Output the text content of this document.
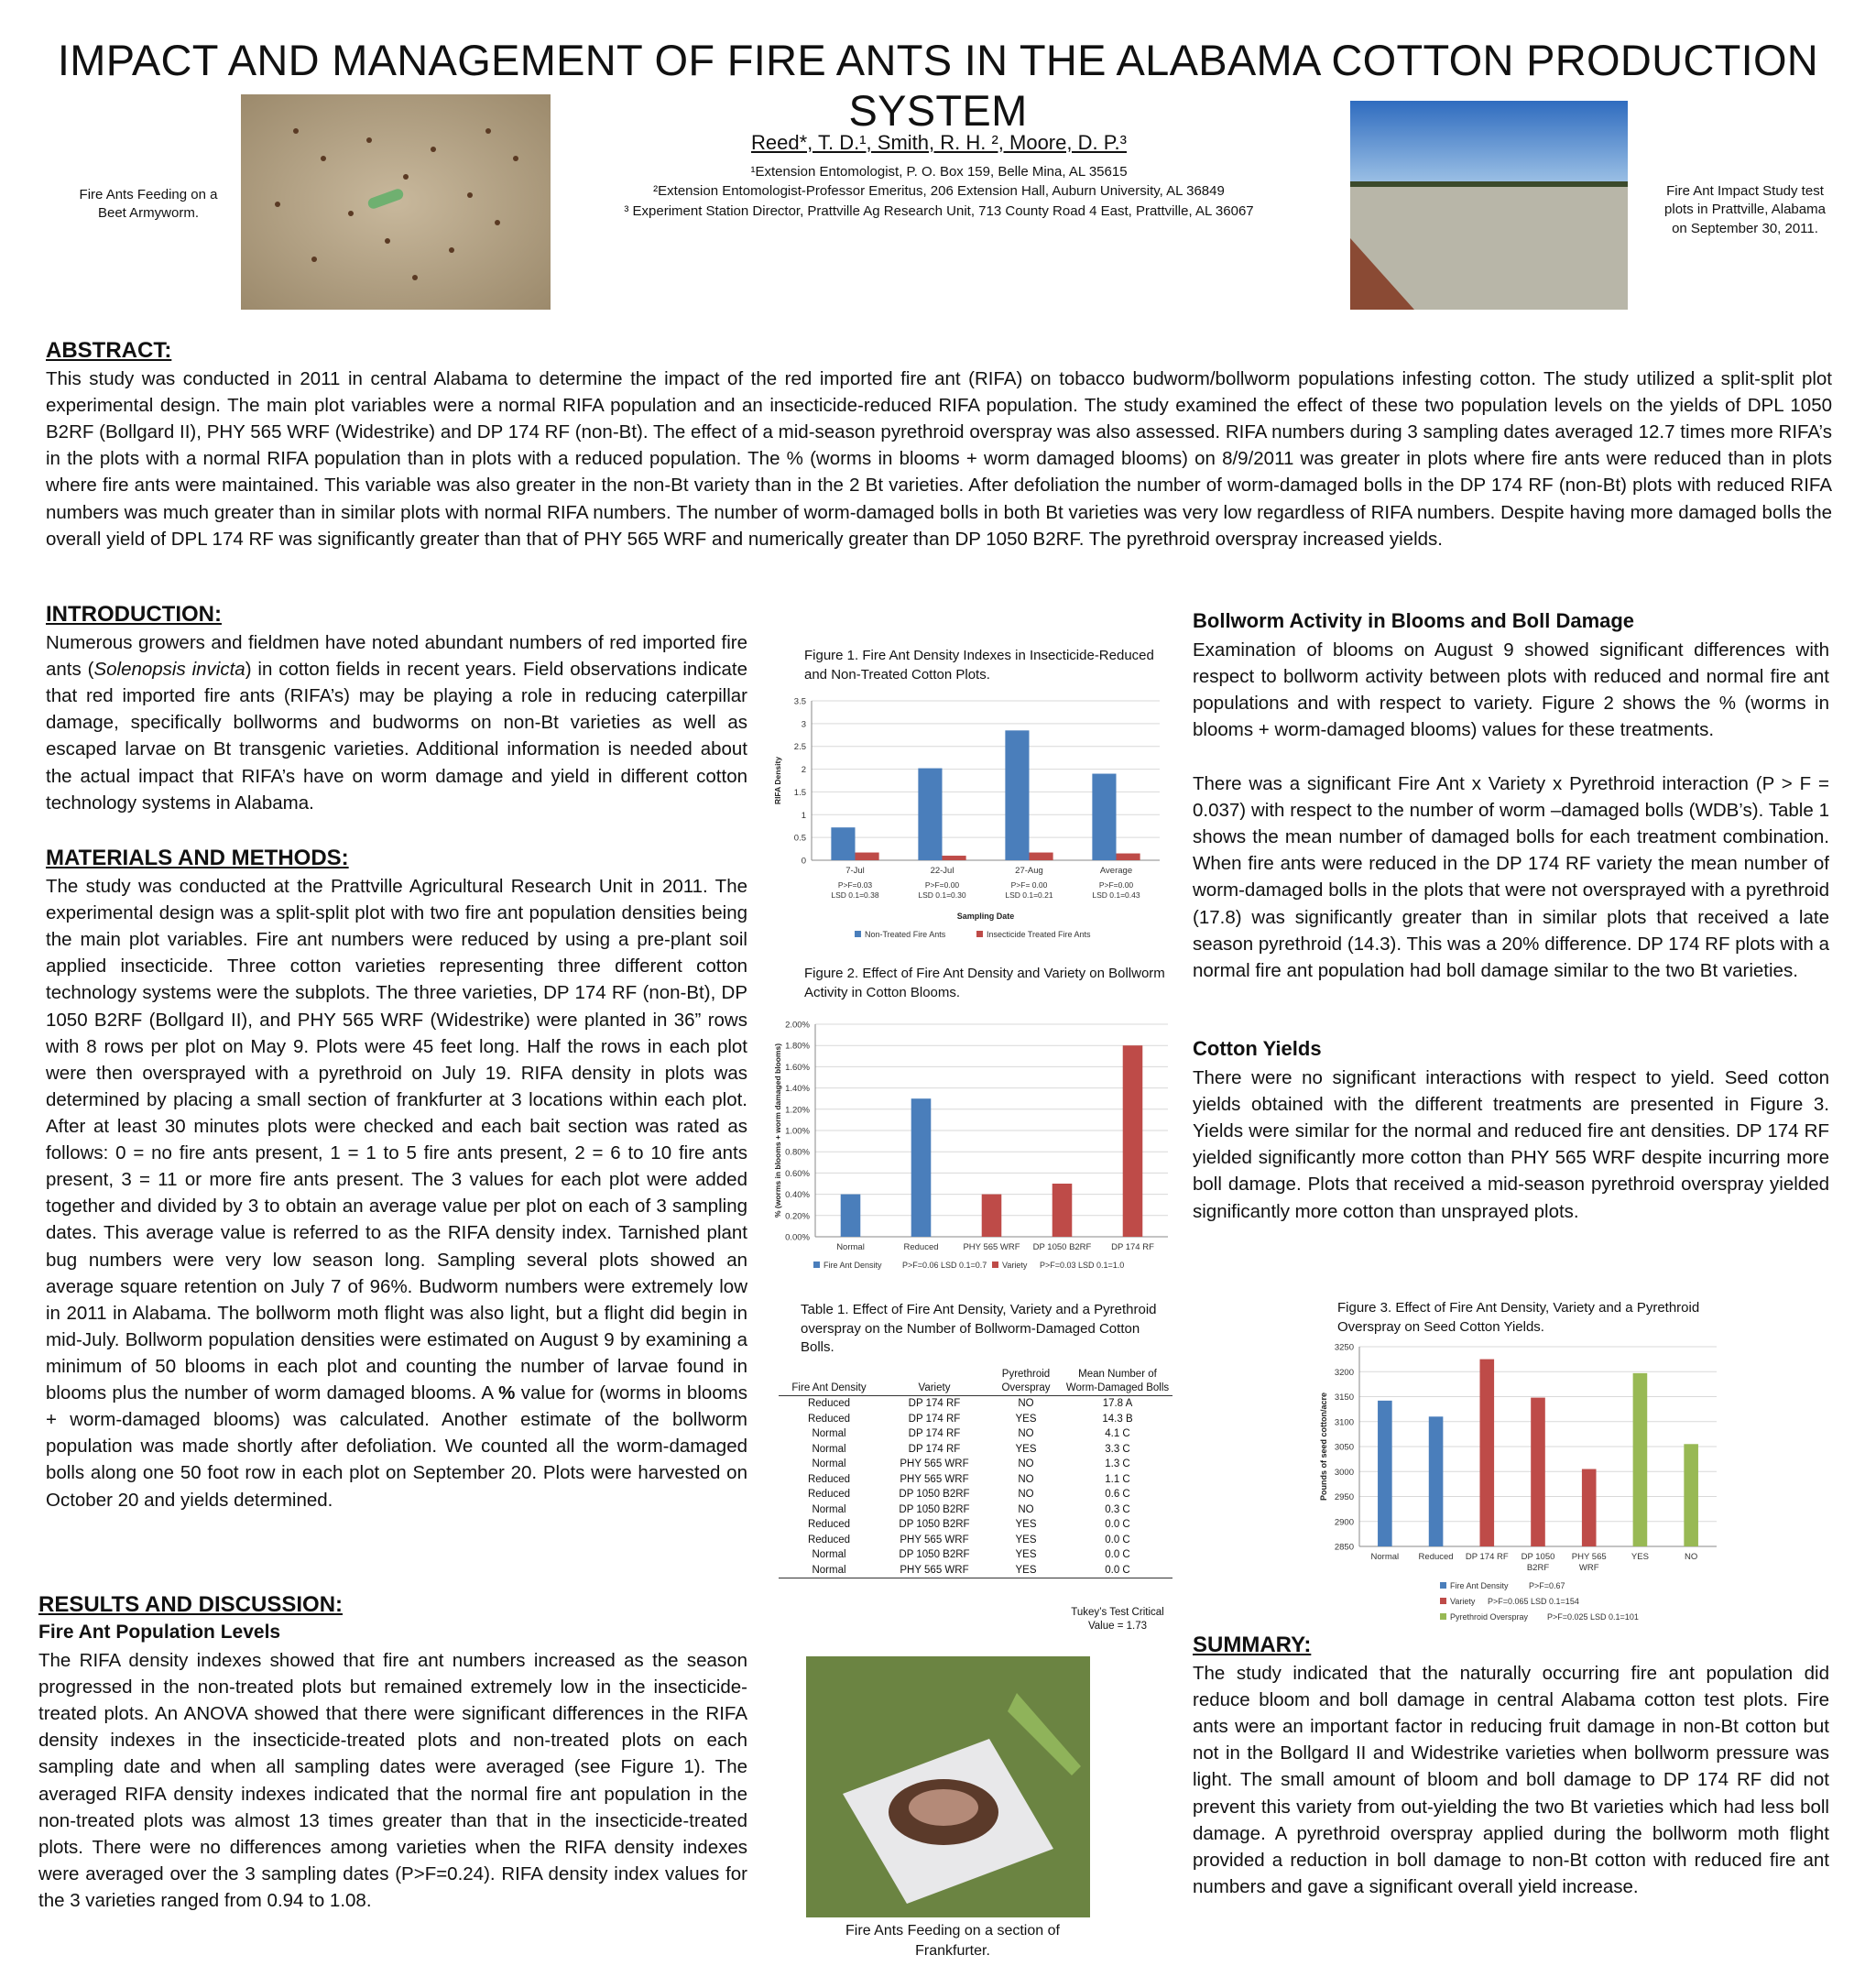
IMPACT AND MANAGEMENT OF FIRE ANTS IN THE ALABAMA COTTON PRODUCTION SYSTEM
Fire Ants Feeding on a Beet Armyworm.
Reed*, T. D.¹, Smith, R. H. ², Moore, D. P.³
¹Extension Entomologist, P. O. Box 159, Belle Mina, AL 35615
²Extension Entomologist-Professor Emeritus, 206 Extension Hall, Auburn University, AL 36849
³ Experiment Station Director, Prattville Ag Research Unit, 713 County Road 4 East, Prattville, AL 36067
Fire Ant Impact Study test plots in Prattville, Alabama on September 30, 2011.
ABSTRACT:
This study was conducted in 2011 in central Alabama to determine the impact of the red imported fire ant (RIFA) on tobacco budworm/bollworm populations infesting cotton. The study utilized a split-split plot experimental design. The main plot variables were a normal RIFA population and an insecticide-reduced RIFA population. The study examined the effect of these two population levels on the yields of DPL 1050 B2RF (Bollgard II), PHY 565 WRF (Widestrike) and DP 174 RF (non-Bt). The effect of a mid-season pyrethroid overspray was also assessed. RIFA numbers during 3 sampling dates averaged 12.7 times more RIFA’s in the plots with a normal RIFA population than in plots with a reduced population. The % (worms in blooms + worm damaged blooms) on 8/9/2011 was greater in plots where fire ants were reduced than in plots where fire ants were maintained. This variable was also greater in the non-Bt variety than in the 2 Bt varieties. After defoliation the number of worm-damaged bolls in the DP 174 RF (non-Bt) plots with reduced RIFA numbers was much greater than in similar plots with normal RIFA numbers. The number of worm-damaged bolls in both Bt varieties was very low regardless of RIFA numbers. Despite having more damaged bolls the overall yield of DPL 174 RF was significantly greater than that of PHY 565 WRF and numerically greater than DP 1050 B2RF. The pyrethroid overspray increased yields.
INTRODUCTION:
Numerous growers and fieldmen have noted abundant numbers of red imported fire ants (Solenopsis invicta) in cotton fields in recent years. Field observations indicate that red imported fire ants (RIFA’s) may be playing a role in reducing caterpillar damage, specifically bollworms and budworms on non-Bt varieties as well as escaped larvae on Bt transgenic varieties. Additional information is needed about the actual impact that RIFA’s have on worm damage and yield in different cotton technology systems in Alabama.
MATERIALS AND METHODS:
The study was conducted at the Prattville Agricultural Research Unit in 2011. The experimental design was a split-split plot with two fire ant population densities being the main plot variables. Fire ant numbers were reduced by using a pre-plant soil applied insecticide. Three cotton varieties representing three different cotton technology systems were the subplots. The three varieties, DP 174 RF (non-Bt), DP 1050 B2RF (Bollgard II), and PHY 565 WRF (Widestrike) were planted in 36” rows with 8 rows per plot on May 9. Plots were 45 feet long. Half the rows in each plot were then oversprayed with a pyrethroid on July 19. RIFA density in plots was determined by placing a small section of frankfurter at 3 locations within each plot. After at least 30 minutes plots were checked and each bait section was rated as follows: 0 = no fire ants present, 1 = 1 to 5 fire ants present, 2 = 6 to 10 fire ants present, 3 = 11 or more fire ants present. The 3 values for each plot were added together and divided by 3 to obtain an average value per plot on each of 3 sampling dates. This average value is referred to as the RIFA density index. Tarnished plant bug numbers were very low season long. Sampling several plots showed an average square retention on July 7 of 96%. Budworm numbers were extremely low in 2011 in Alabama. The bollworm moth flight was also light, but a flight did begin in mid-July. Bollworm population densities were estimated on August 9 by examining a minimum of 50 blooms in each plot and counting the number of larvae found in blooms plus the number of worm damaged blooms. A % value for (worms in blooms + worm-damaged blooms) was calculated. Another estimate of the bollworm population was made shortly after defoliation. We counted all the worm-damaged bolls along one 50 foot row in each plot on September 20. Plots were harvested on October 20 and yields determined.
RESULTS AND DISCUSSION:
Fire Ant Population Levels
The RIFA density indexes showed that fire ant numbers increased as the season progressed in the non-treated plots but remained extremely low in the insecticide-treated plots. An ANOVA showed that there were significant differences in the RIFA density indexes in the insecticide-treated plots and non-treated plots on each sampling date and when all sampling dates were averaged (see Figure 1). The averaged RIFA density indexes indicated that the normal fire ant population in the non-treated plots was almost 13 times greater than that in the insecticide-treated plots. There were no differences among varieties when the RIFA density indexes were averaged over the 3 sampling dates (P>F=0.24). RIFA density index values for the 3 varieties ranged from 0.94 to 1.08.
Figure 1. Fire Ant Density Indexes in Insecticide-Reduced and Non-Treated Cotton Plots.
0
0.5
1
1.5
2
2.5
3
3.5
RIFA Density
7-Jul
P>F=0.03
LSD 0.1=0.38
22-Jul
P>F=0.00
LSD 0.1=0.30
27-Aug
P>F= 0.00
LSD 0.1=0.21
Average
P>F=0.00
LSD 0.1=0.43
Sampling Date
Non-Treated Fire Ants	Insecticide Treated Fire Ants
Figure 2. Effect of Fire Ant Density and Variety on Bollworm Activity in Cotton Blooms.
0.00%
0.20%
0.40%
0.60%
0.80%
1.00%
1.20%
1.40%
1.60%
1.80%
2.00%
% (worms in blooms + worm damaged blooms)
Normal	Reduced	PHY 565 WRF DP 1050 B2RF DP 174 RF
Fire Ant Density P>F=0.06 LSD 0.1=0.7 Variety P>F=0.03 LSD 0.1=1.0
Table 1. Effect of Fire Ant Density, Variety and a Pyrethroid overspray on the Number of Bollworm-Damaged Cotton Bolls.
Fire Ant Density	Variety	Pyrethroid Overspray	Mean Number of Worm-Damaged Bolls
Reduced	DP 174 RF	NO	17.8 A
Reduced	DP 174 RF	YES	14.3 B
Normal	DP 174 RF	NO	4.1 C
Normal	DP 174 RF	YES	3.3 C
Normal	PHY 565 WRF	NO	1.3 C
Reduced	PHY 565 WRF	NO	1.1 C
Reduced	DP 1050 B2RF	NO	0.6 C
Normal	DP 1050 B2RF	NO	0.3 C
Reduced	DP 1050 B2RF	YES	0.0 C
Reduced	PHY 565 WRF	YES	0.0 C
Normal	DP 1050 B2RF	YES	0.0 C
Normal	PHY 565 WRF	YES	0.0 C
Tukey’s Test Critical Value = 1.73
Fire Ants Feeding on a section of Frankfurter.
Bollworm Activity in Blooms and Boll Damage
Examination of blooms on August 9 showed significant differences with respect to bollworm activity between plots with reduced and normal fire ant populations and with respect to variety. Figure 2 shows the % (worms in blooms + worm-damaged blooms) values for these treatments.
There was a significant Fire Ant x Variety x Pyrethroid interaction (P > F = 0.037) with respect to the number of worm –damaged bolls (WDB’s). Table 1 shows the mean number of damaged bolls for each treatment combination. When fire ants were reduced in the DP 174 RF variety the mean number of worm-damaged bolls in the plots that were not oversprayed with a pyrethroid (17.8) was significantly greater than in similar plots that received a late season pyrethroid (14.3). This was a 20% difference. DP 174 RF plots with a normal fire ant population had boll damage similar to the two Bt varieties.
Cotton Yields
There were no significant interactions with respect to yield. Seed cotton yields obtained with the different treatments are presented in Figure 3. Yields were similar for the normal and reduced fire ant densities. DP 174 RF yielded significantly more cotton than PHY 565 WRF despite incurring more boll damage. Plots that received a mid-season pyrethroid overspray yielded significantly more cotton than unsprayed plots.
Figure 3. Effect of Fire Ant Density, Variety and a Pyrethroid Overspray on Seed Cotton Yields.
2850
2900
2950
3000
3050
3100
3150
3200
3250
Pounds of seed cotton/acre
Normal Reduced DP 174 RF DP 1050 B2RF
PHY 565 WRF
YES	NO
Fire Ant Density P>F=0.67
Variety P>F=0.065 LSD 0.1=154
Pyrethroid Overspray P>F=0.025 LSD 0.1=101
SUMMARY:
The study indicated that the naturally occurring fire ant population did reduce bloom and boll damage in central Alabama cotton test plots. Fire ants were an important factor in reducing fruit damage in non-Bt cotton but not in the Bollgard II and Widestrike varieties when bollworm pressure was light. The small amount of bloom and boll damage to DP 174 RF did not prevent this variety from out-yielding the two Bt varieties which had less boll damage. A pyrethroid overspray applied during the bollworm moth flight provided a reduction in boll damage to non-Bt cotton with reduced fire ant numbers and gave a significant overall yield increase.
